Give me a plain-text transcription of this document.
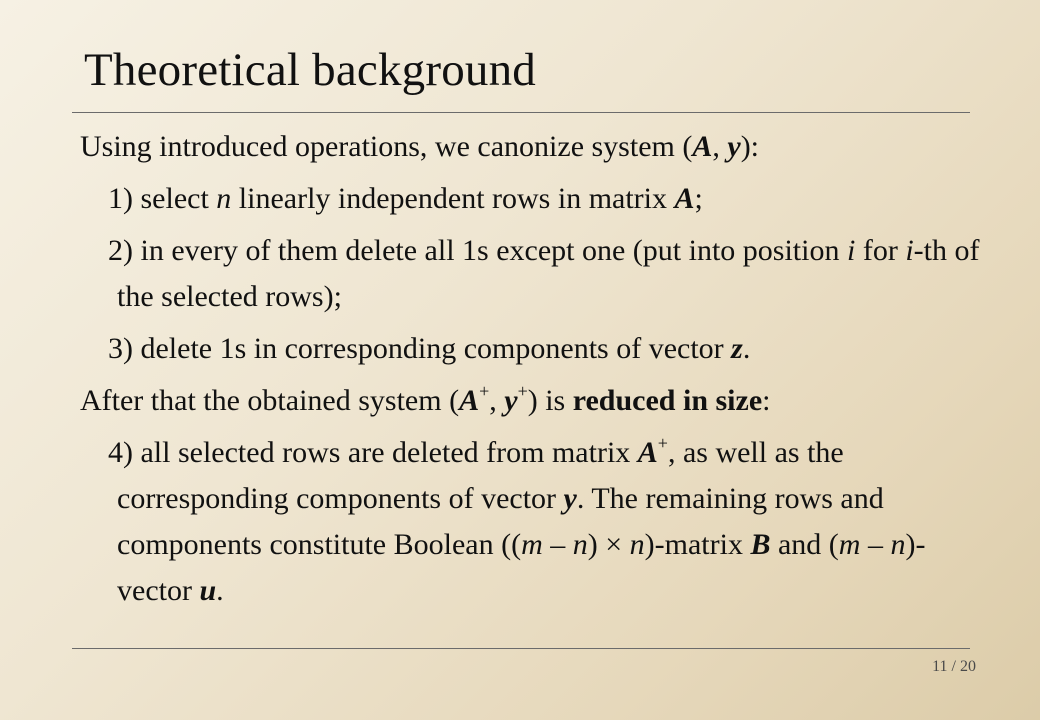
Theoretical background

Using introduced operations, we canonize system (A, y):

1) select n linearly independent rows in matrix A;

2) in every of them delete all 1s except one (put into position i for i-th of the selected rows);

3) delete 1s in corresponding components of vector z.

After that the obtained system (A+, y+) is reduced in size:

4) all selected rows are deleted from matrix A+, as well as the corresponding components of vector y. The remaining rows and components constitute Boolean ((m – n) × n)-matrix B and (m – n)-vector u.

11 / 20
